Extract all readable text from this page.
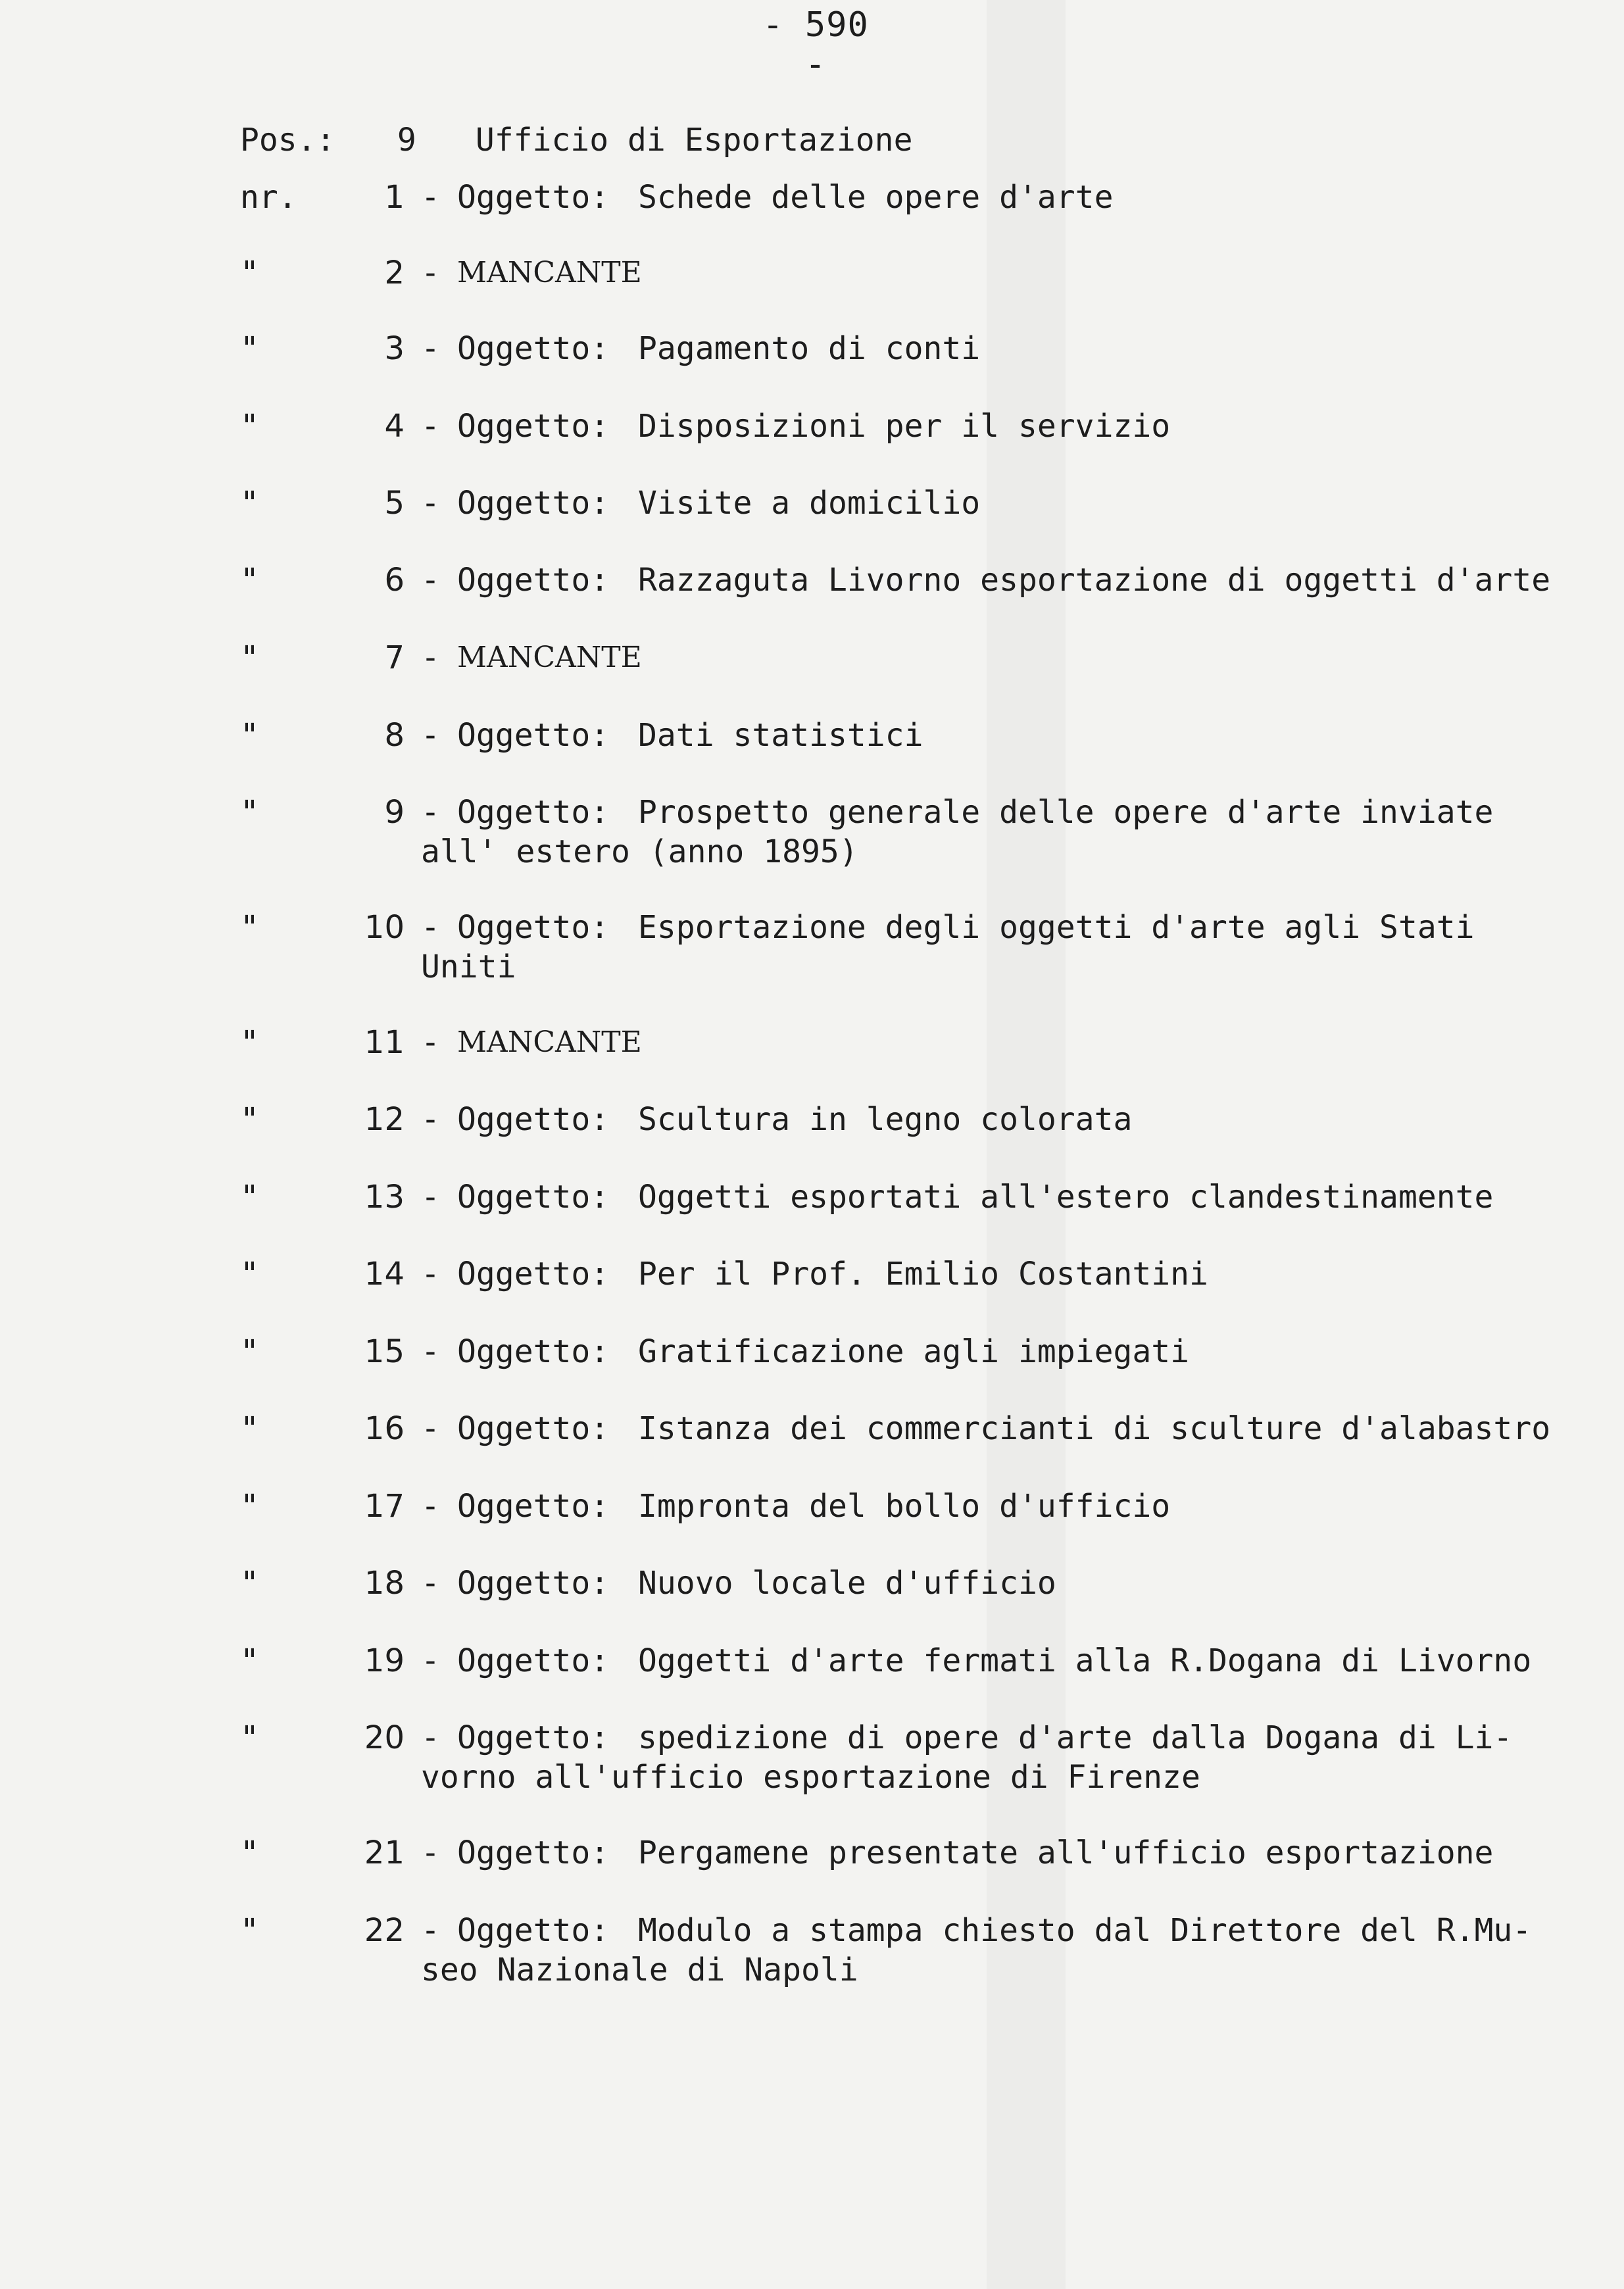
- 590 -
Pos.: 9 Ufficio di Esportazione
nr.	1 - Oggetto: Schede delle opere d'arte
"	2 - MANCANTE
"	3 - Oggetto: Pagamento di conti
"	4 - Oggetto: Disposizioni per il servizio
"	5 - Oggetto: Visite a domicilio
"	6 - Oggetto: Razzaguta Livorno esportazione di oggetti d'arte
"	7 - MANCANTE
"	8 - Oggetto: Dati statistici
"	9 - Oggetto: Prospetto generale delle opere d'arte inviate
all' estero (anno 1895)
"	10 - Oggetto: Esportazione degli oggetti d'arte agli Stati
Uniti
"	11 - MANCANTE
"	12 - Oggetto: Scultura in legno colorata
"	13 - Oggetto: Oggetti esportati all'estero clandestinamente
"	14 - Oggetto: Per il Prof. Emilio Costantini
"	15 - Oggetto: Gratificazione agli impiegati
"	16 - Oggetto: Istanza dei commercianti di sculture d'alabastro
"	17 - Oggetto: Impronta del bollo d'ufficio
"	18 - Oggetto: Nuovo locale d'ufficio
"	19 - Oggetto: Oggetti d'arte fermati alla R.Dogana di Livorno
"	20 - Oggetto: spedizione di opere d'arte dalla Dogana di Li-
vorno all'ufficio esportazione di Firenze
"	21 - Oggetto: Pergamene presentate all'ufficio esportazione
"	22 - Oggetto: Modulo a stampa chiesto dal Direttore del R.Mu-
seo Nazionale di Napoli
